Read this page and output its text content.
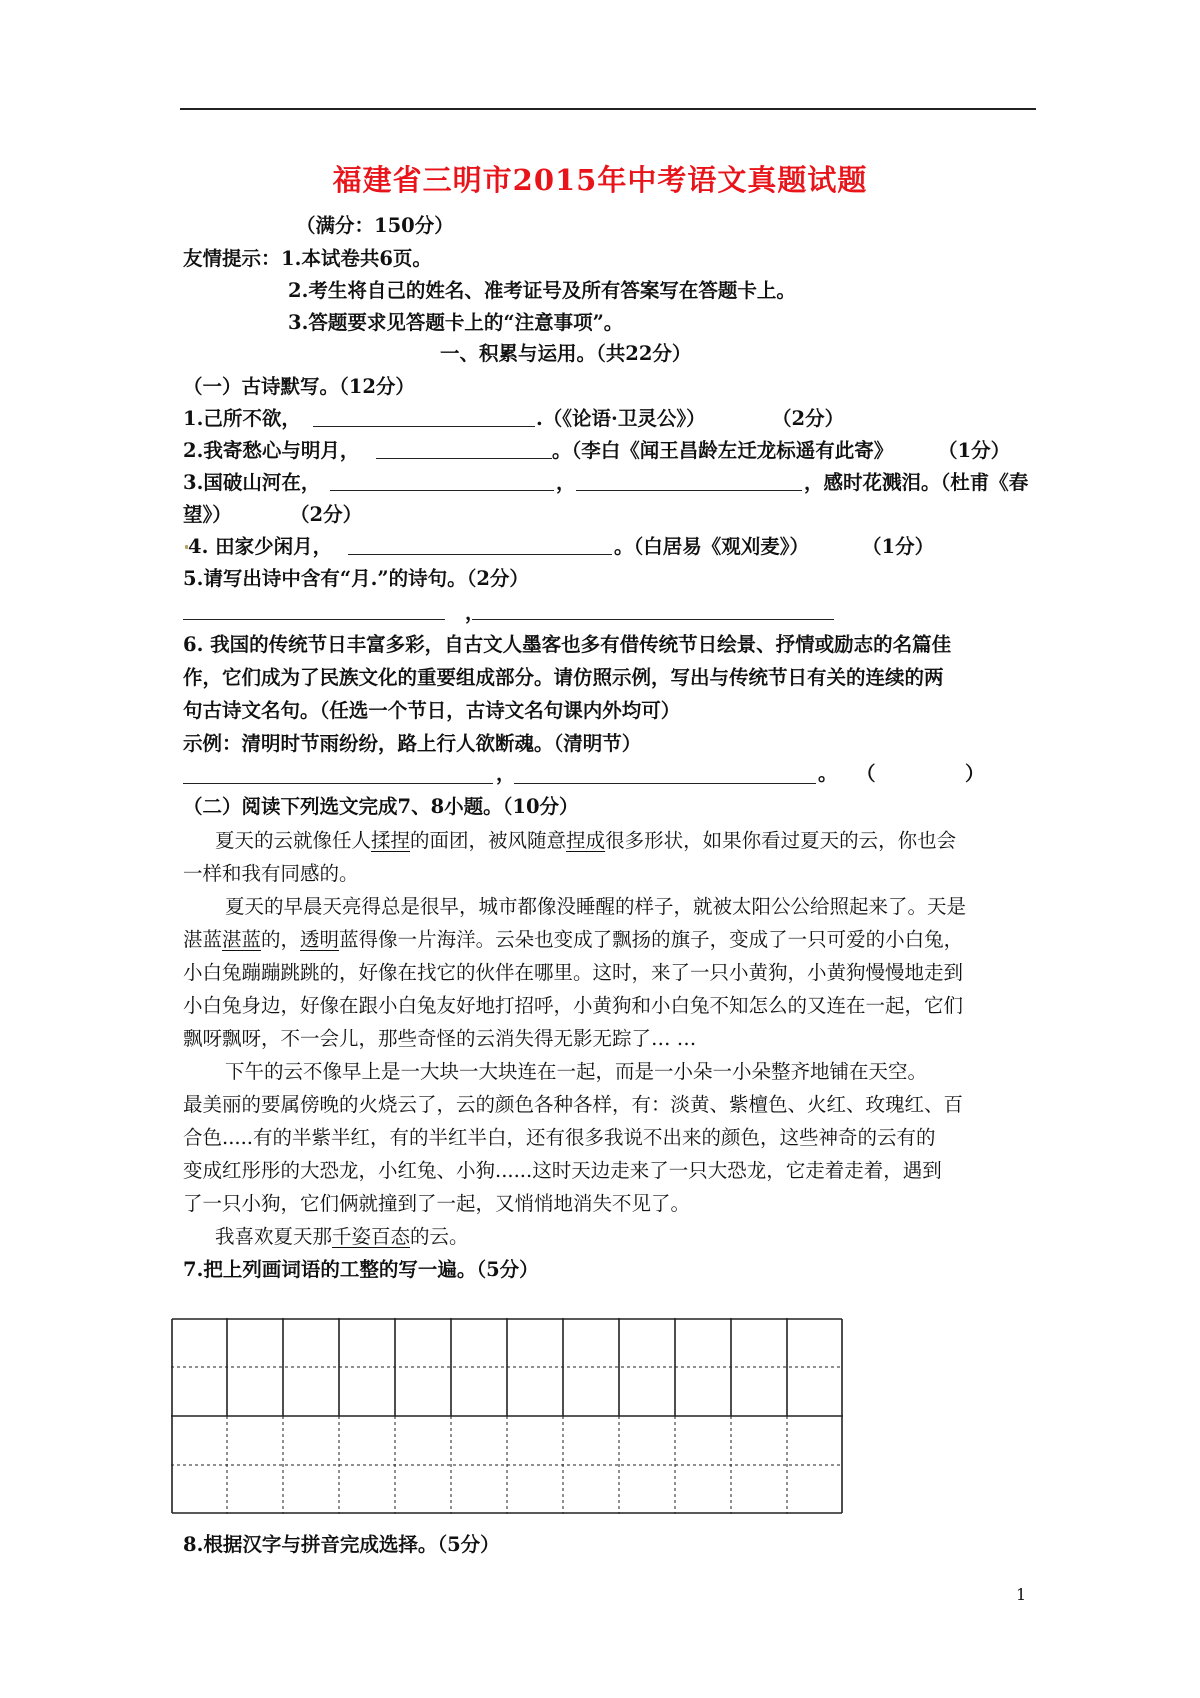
福建省三明市2015年中考语文真题试题
（满分：150分）
友情提示： 1.本试卷共6页。
2.考生将自己的姓名、准考证号及所有答案写在答题卡上。
3.答题要求见答题卡上的“注意事项”。
一、积累与运用。（共22分）
（一）古诗默写。（12分）
1.己所不欲，	.（《论语·卫灵公》）	（2分）
2.我寄愁心与明月，	。（李白《闻王昌龄左迁龙标遥有此寄》 （1分）
3.国破山河在，	，	，感时花溅泪。（杜甫《春
望》）	（2分）
4. 田家少闲月，	。（白居易《观刈麦》）	（1分）
5.请写出诗中含有“月.”的诗句。（2分）
，
6. 我国的传统节日丰富多彩，自古文人墨客也多有借传统节日绘景、抒情或励志的名篇佳
作，它们成为了民族文化的重要组成部分。请仿照示例，写出与传统节日有关的连续的两
句古诗文名句。（任选一个节日，古诗文名句课内外均可）
示例：清明时节雨纷纷，路上行人欲断魂。（清明节）
，	。 （	）
（二）阅读下列选文完成7、8小题。（10分）
夏天的云就像任人揉捏的面团，被风随意捏成很多形状，如果你看过夏天的云，你也会
一样和我有同感的。
夏天的早晨天亮得总是很早，城市都像没睡醒的样子，就被太阳公公给照起来了。天是
湛蓝湛蓝的，透明蓝得像一片海洋。云朵也变成了飘扬的旗子，变成了一只可爱的小白兔，
小白兔蹦蹦跳跳的，好像在找它的伙伴在哪里。这时，来了一只小黄狗，小黄狗慢慢地走到
小白兔身边，好像在跟小白兔友好地打招呼，小黄狗和小白兔不知怎么的又连在一起，它们
飘呀飘呀，不一会儿，那些奇怪的云消失得无影无踪了… …
下午的云不像早上是一大块一大块连在一起，而是一小朵一小朵整齐地铺在天空。
最美丽的要属傍晚的火烧云了，云的颜色各种各样，有：淡黄、紫檀色、火红、玫瑰红、百
合色.....有的半紫半红，有的半红半白，还有很多我说不出来的颜色，这些神奇的云有的
变成红彤彤的大恐龙，小红兔、小狗......这时天边走来了一只大恐龙，它走着走着，遇到
了一只小狗，它们俩就撞到了一起，又悄悄地消失不见了。
我喜欢夏天那千姿百态的云。
7.把上列画词语的工整的写一遍。（5分）
8.根据汉字与拼音完成选择。（5分）
1
